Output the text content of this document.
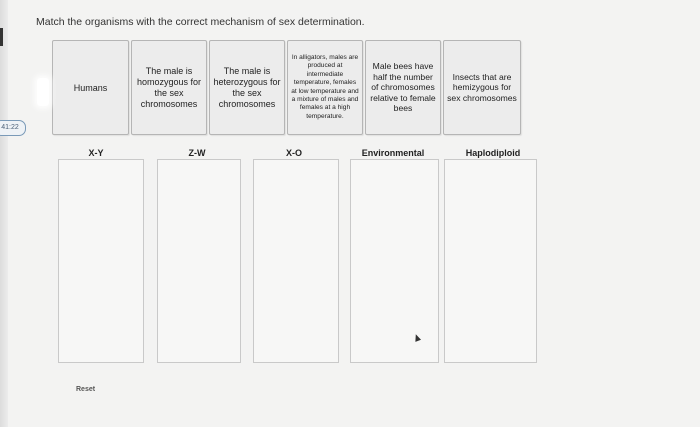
41:22
Match the organisms with the correct mechanism of sex determination.
Humans
The male is homozygous for the sex chromosomes
The male is heterozygous for the sex chromosomes
In alligators, males are produced at intermediate temperature, females at low temperature and a mixture of males and females at a high temperature.
Male bees have half the number of chromosomes relative to female bees
Insects that are hemizygous for sex chromosomes
X-Y	Z-W	X-O	Environmental	Haplodiploid
Reset
